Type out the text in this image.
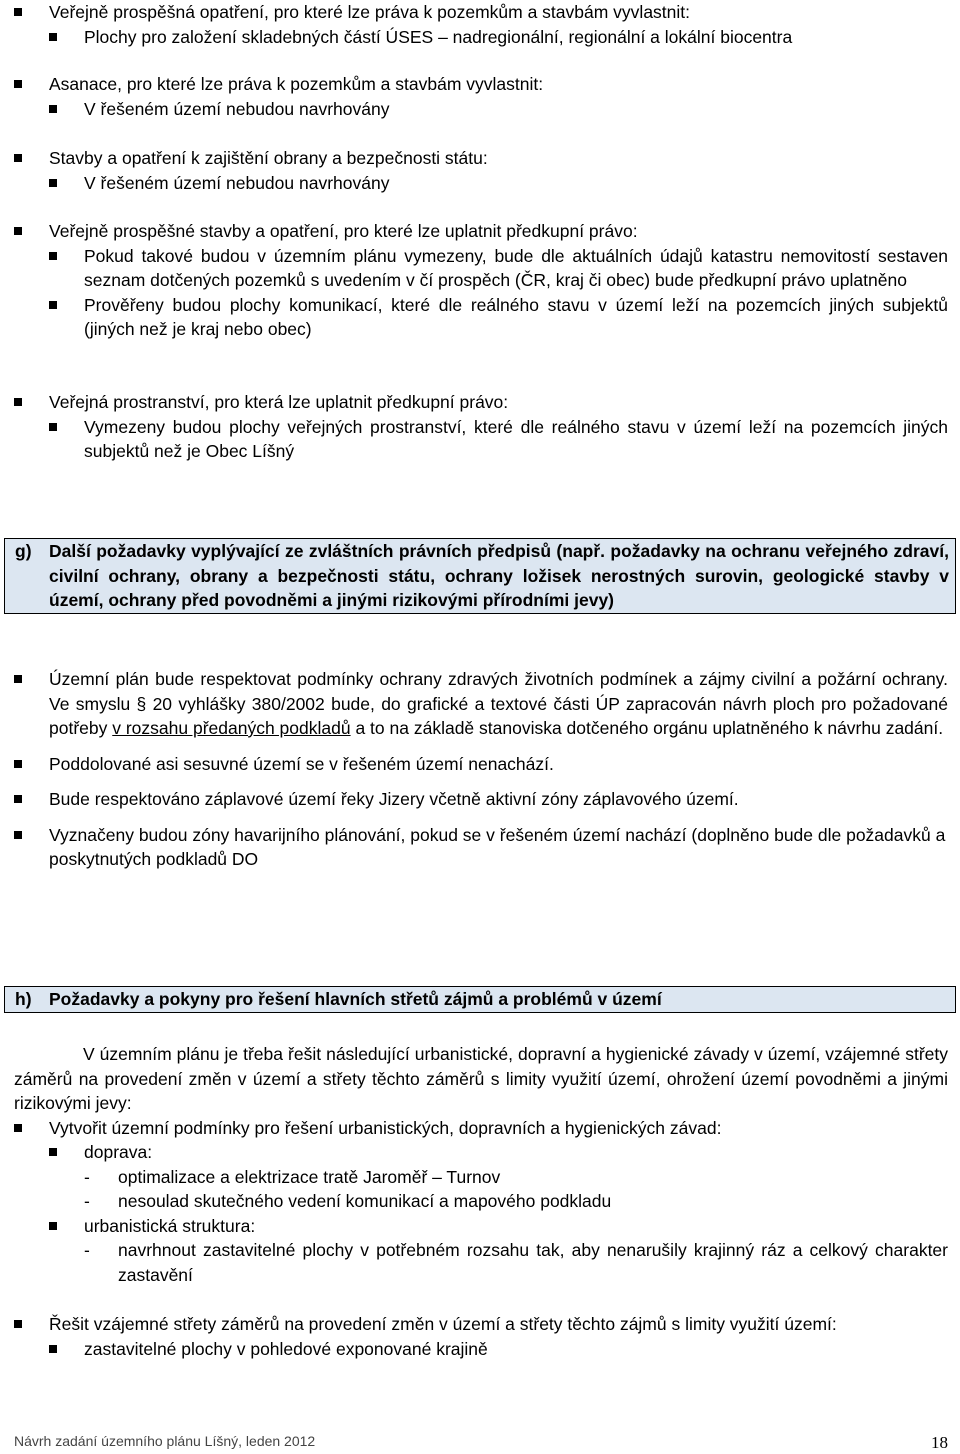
Veřejně prospěšná opatření, pro které lze práva k pozemkům a stavbám vyvlastnit:
Plochy pro založení skladebných částí ÚSES – nadregionální, regionální a lokální biocentra
Asanace, pro které lze práva k pozemkům a stavbám vyvlastnit:
V řešeném území nebudou navrhovány
Stavby a opatření k zajištění obrany a bezpečnosti státu:
V řešeném území nebudou navrhovány
Veřejně prospěšné stavby a opatření, pro které lze uplatnit předkupní právo:
Pokud takové budou v územním plánu vymezeny, bude dle aktuálních údajů katastru nemovitostí sestaven seznam dotčených pozemků s uvedením v čí prospěch (ČR, kraj či obec) bude předkupní právo uplatněno
Prověřeny budou plochy komunikací, které dle reálného stavu v území leží na pozemcích jiných subjektů (jiných než je kraj nebo obec)
Veřejná prostranství, pro která lze uplatnit předkupní právo:
Vymezeny budou plochy veřejných prostranství, které dle reálného stavu v území leží na pozemcích jiných subjektů než je Obec Líšný
g) Další požadavky vyplývající ze zvláštních právních předpisů (např. požadavky na ochranu veřejného zdraví, civilní ochrany, obrany a bezpečnosti státu, ochrany ložisek nerostných surovin, geologické stavby v území, ochrany před povodněmi a jinými rizikovými přírodními jevy)
Územní plán bude respektovat podmínky ochrany zdravých životních podmínek a zájmy civilní a požární ochrany. Ve smyslu § 20 vyhlášky 380/2002 bude, do grafické a textové části ÚP zapracován návrh ploch pro požadované potřeby v rozsahu předaných podkladů a to na základě stanoviska dotčeného orgánu uplatněného k návrhu zadání.
Poddolované asi sesuvné území se v řešeném území nenachází.
Bude respektováno záplavové území řeky Jizery včetně aktivní zóny záplavového území.
Vyznačeny budou zóny havarijního plánování, pokud se v řešeném území nachází (doplněno bude dle požadavků a poskytnutých podkladů DO
h) Požadavky a pokyny pro řešení hlavních střetů zájmů a problémů v území
V územním plánu je třeba řešit následující urbanistické, dopravní a hygienické závady v území, vzájemné střety záměrů na provedení změn v území a střety těchto záměrů s limity využití území, ohrožení území povodněmi a jinými rizikovými jevy:
Vytvořit územní podmínky pro řešení urbanistických, dopravních a hygienických závad:
doprava:
- optimalizace a elektrizace tratě Jaroměř – Turnov
- nesoulad skutečného vedení komunikací a mapového podkladu
urbanistická struktura:
- navrhnout zastavitelné plochy v potřebném rozsahu tak, aby nenarušily krajinný ráz a celkový charakter zastavění
Řešit vzájemné střety záměrů na provedení změn v území a střety těchto zájmů s limity využití území:
zastavitelné plochy v pohledové exponované krajině
Návrh zadání územního plánu Líšný, leden 2012	18
